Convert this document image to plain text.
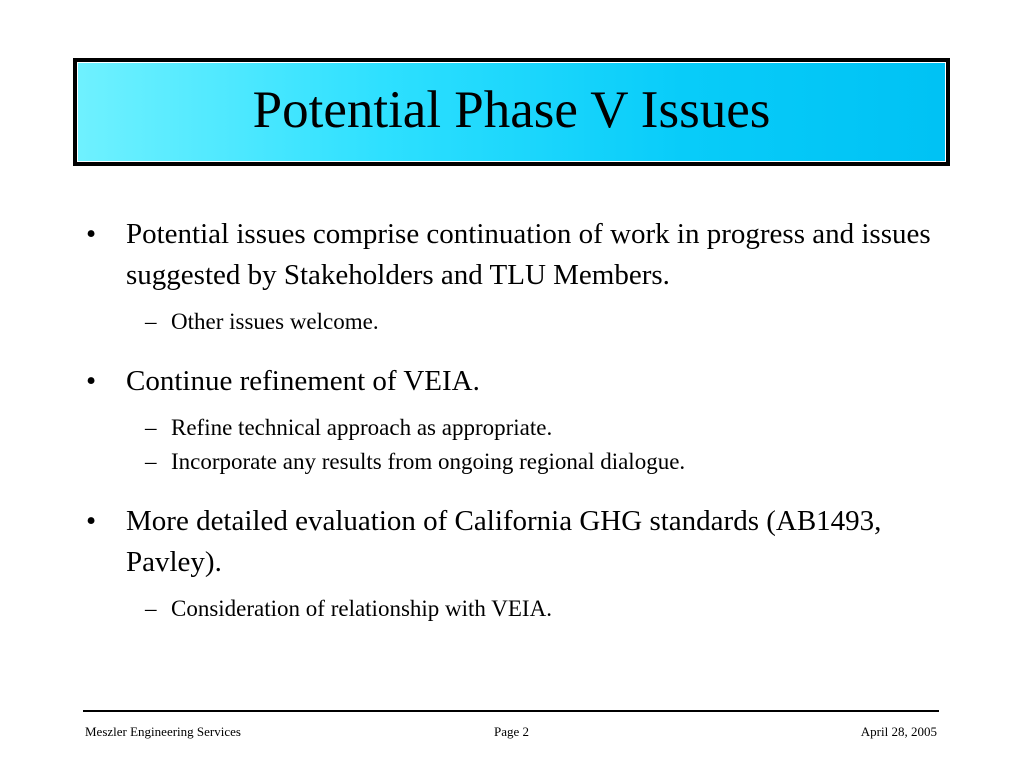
Potential Phase V Issues
• Potential issues comprise continuation of work in progress and issues suggested by Stakeholders and TLU Members.
– Other issues welcome.
• Continue refinement of VEIA.
– Refine technical approach as appropriate.
– Incorporate any results from ongoing regional dialogue.
• More detailed evaluation of California GHG standards (AB1493, Pavley).
– Consideration of relationship with VEIA.
Meszler Engineering Services	Page 2	April 28, 2005
